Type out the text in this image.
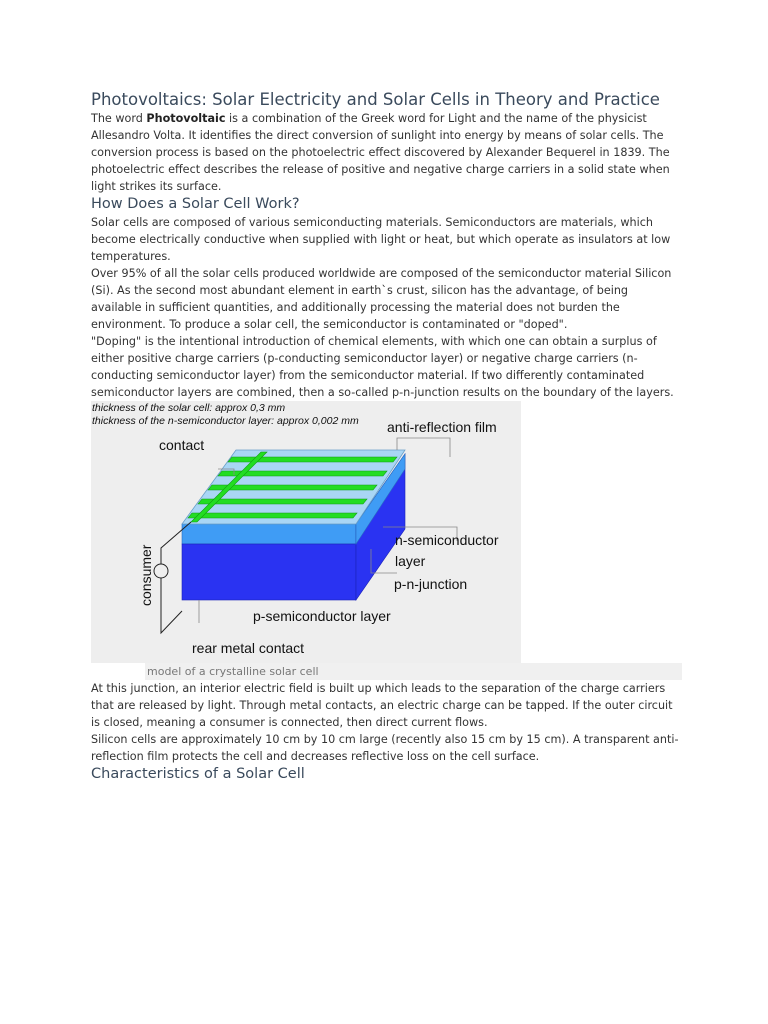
Photovoltaics: Solar Electricity and Solar Cells in Theory and Practice

The word Photovoltaic is a combination of the Greek word for Light and the name of the physicist Allesandro Volta. It identifies the direct conversion of sunlight into energy by means of solar cells. The conversion process is based on the photoelectric effect discovered by Alexander Bequerel in 1839. The photoelectric effect describes the release of positive and negative charge carriers in a solid state when light strikes its surface.

How Does a Solar Cell Work?

Solar cells are composed of various semiconducting materials. Semiconductors are materials, which become electrically conductive when supplied with light or heat, but which operate as insulators at low temperatures.

Over 95% of all the solar cells produced worldwide are composed of the semiconductor material Silicon (Si). As the second most abundant element in earth`s crust, silicon has the advantage, of being available in sufficient quantities, and additionally processing the material does not burden the environment. To produce a solar cell, the semiconductor is contaminated or "doped".

"Doping" is the intentional introduction of chemical elements, with which one can obtain a surplus of either positive charge carriers (p-conducting semiconductor layer) or negative charge carriers (n-conducting semiconductor layer) from the semiconductor material. If two differently contaminated semiconductor layers are combined, then a so-called p-n-junction results on the boundary of the layers.

thickness of the solar cell: approx 0,3 mm
thickness of the n-semiconductor layer: approx 0,002 mm
contact
anti-reflection film
n-semiconductor
layer
p-n-junction
p-semiconductor layer
rear metal contact
consumer
model of a crystalline solar cell

At this junction, an interior electric field is built up which leads to the separation of the charge carriers that are released by light. Through metal contacts, an electric charge can be tapped. If the outer circuit is closed, meaning a consumer is connected, then direct current flows.

Silicon cells are approximately 10 cm by 10 cm large (recently also 15 cm by 15 cm). A transparent anti-reflection film protects the cell and decreases reflective loss on the cell surface.

Characteristics of a Solar Cell
